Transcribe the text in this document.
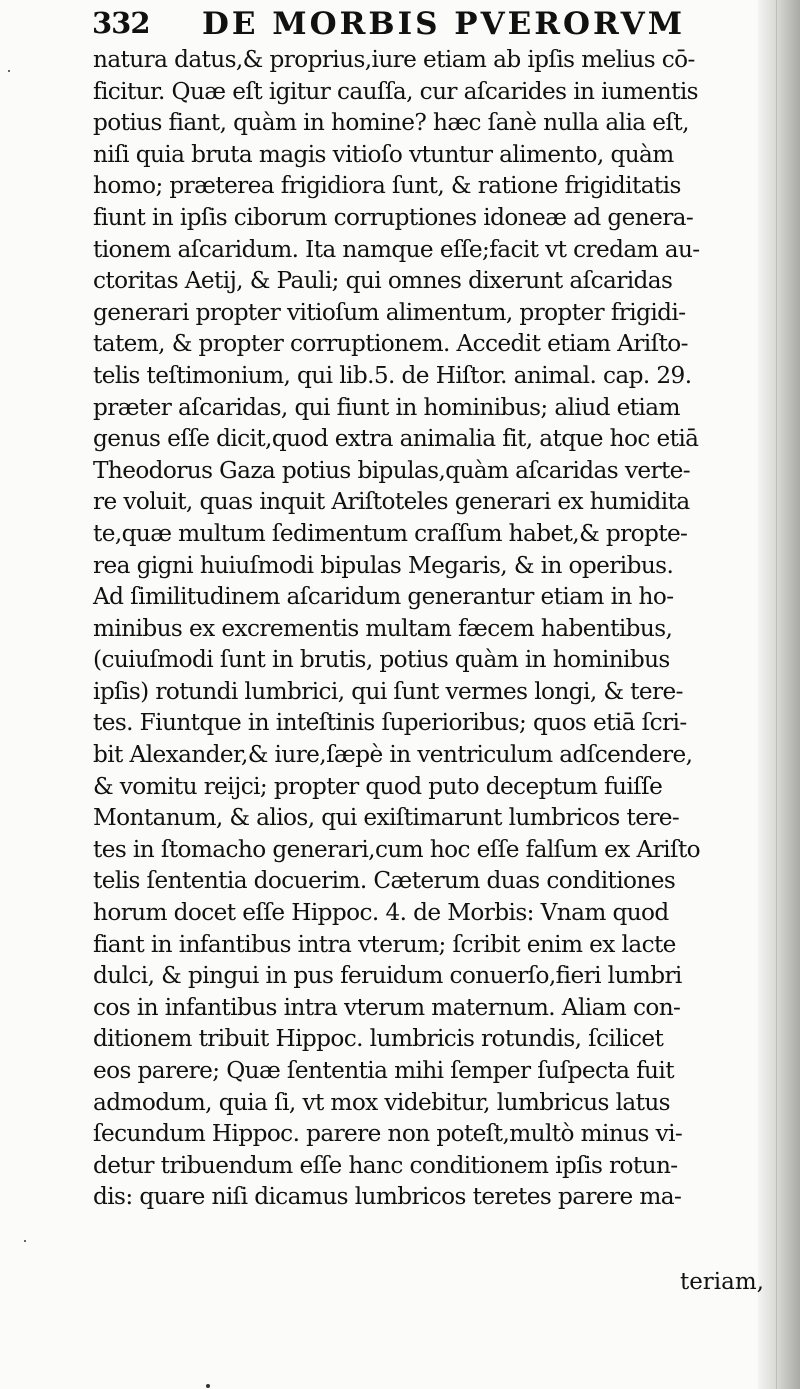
332 DE MORBIS PVERORVM
natura datus,& proprius,iure etiam ab ipſis melius cō-
ficitur. Quæ eſt igitur cauſſa, cur aſcarides in iumentis
potius fiant, quàm in homine? hæc ſanè nulla alia eſt,
niſi quia bruta magis vitioſo vtuntur alimento, quàm
homo; præterea frigidiora ſunt, & ratione frigiditatis
fiunt in ipſis ciborum corruptiones idoneæ ad genera-
tionem aſcaridum. Ita namque eſſe;facit vt credam au-
ctoritas Aetij, & Pauli; qui omnes dixerunt aſcaridas
generari propter vitioſum alimentum, propter frigidi-
tatem, & propter corruptionem. Accedit etiam Ariſto-
telis teſtimonium, qui lib.5. de Hiſtor. animal. cap. 29.
præter aſcaridas, qui fiunt in hominibus; aliud etiam
genus eſſe dicit,quod extra animalia fit, atque hoc etiā
Theodorus Gaza potius bipulas,quàm aſcaridas verte-
re voluit, quas inquit Ariſtoteles generari ex humidita
te,quæ multum ſedimentum craſſum habet,& propte-
rea gigni huiuſmodi bipulas Megaris, & in operibus.
Ad ſimilitudinem aſcaridum generantur etiam in ho-
minibus ex excrementis multam fæcem habentibus,
(cuiuſmodi ſunt in brutis, potius quàm in hominibus
ipſis) rotundi lumbrici, qui ſunt vermes longi, & tere-
tes. Fiuntque in inteſtinis ſuperioribus; quos etiā ſcri-
bit Alexander,& iure,ſæpè in ventriculum adſcendere,
& vomitu reijci; propter quod puto deceptum fuiſſe
Montanum, & alios, qui exiſtimarunt lumbricos tere-
tes in ſtomacho generari,cum hoc eſſe falſum ex Ariſto
telis ſententia docuerim. Cæterum duas conditiones
horum docet eſſe Hippoc. 4. de Morbis: Vnam quod
fiant in infantibus intra vterum; ſcribit enim ex lacte
dulci, & pingui in pus feruidum conuerſo,fieri lumbri
cos in infantibus intra vterum maternum. Aliam con-
ditionem tribuit Hippoc. lumbricis rotundis, ſcilicet
eos parere; Quæ ſententia mihi ſemper ſuſpecta fuit
admodum, quia ſi, vt mox videbitur, lumbricus latus
ſecundum Hippoc. parere non poteſt,multò minus vi-
detur tribuendum eſſe hanc conditionem ipſis rotun-
dis: quare niſi dicamus lumbricos teretes parere ma-
teriam,
